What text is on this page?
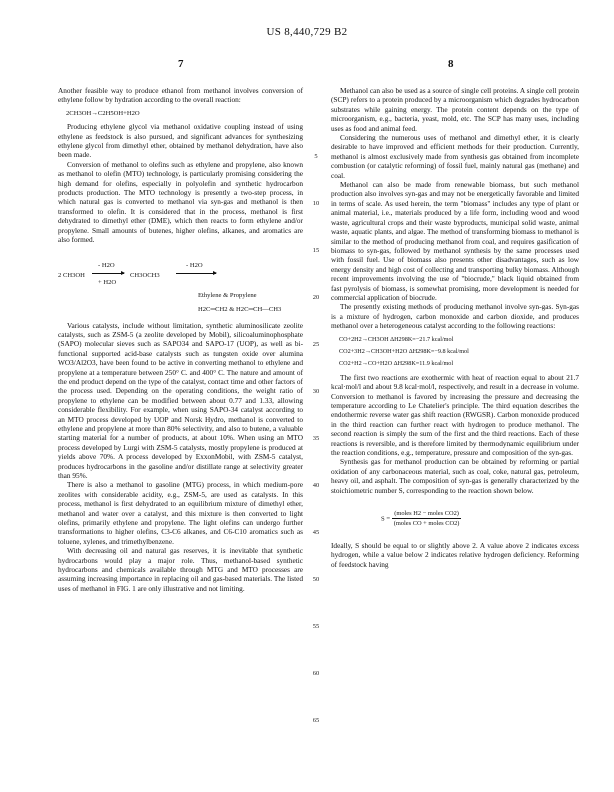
US 8,440,729 B2
7	8

Another feasible way to produce ethanol from methanol involves conversion of ethylene follow by hydration according to the overall reaction:

2CH3OH→C2H5OH+H2O

Producing ethylene glycol via methanol oxidative coupling instead of using ethylene as feedstock is also pursued, and significant advances for synthesizing ethylene glycol from dimethyl ether, obtained by methanol dehydration, have also been made.

Conversion of methanol to olefins such as ethylene and propylene, also known as methanol to olefin (MTO) technology, is particularly promising considering the high demand for olefins, especially in polyolefin and synthetic hydrocarbon products production. The MTO technology is presently a two-step process, in which natural gas is converted to methanol via syn-gas and methanol is then transformed to olefin. It is considered that in the process, methanol is first dehydrated to dimethyl ether (DME), which then reacts to form ethylene and/or propylene. Small amounts of butenes, higher olefins, alkanes, and aromatics are also formed.

2 CH3OH
- H2O
+ H2O
CH3OCH3
- H2O
Ethylene & Propylene
H2C═CH2 & H2C═CH—CH3

Various catalysts, include without limitation, synthetic aluminosilicate zeolite catalysts, such as ZSM-5 (a zeolite developed by Mobil), silicoaluminophosphate (SAPO) molecular sieves such as SAPO34 and SAPO-17 (UOP), as well as bi-functional supported acid-base catalysts such as tungsten oxide over alumina WO3/Al2O3, have been found to be active in converting methanol to ethylene and propylene at a temperature between 250° C. and 400° C. The nature and amount of the end product depend on the type of the catalyst, contact time and other factors of the process used. Depending on the operating conditions, the weight ratio of propylene to ethylene can be modified between about 0.77 and 1.33, allowing considerable flexibility. For example, when using SAPO-34 catalyst according to an MTO process developed by UOP and Norsk Hydro, methanol is converted to ethylene and propylene at more than 80% selectivity, and also to butene, a valuable starting material for a number of products, at about 10%. When using an MTO process developed by Lurgi with ZSM-5 catalysts, mostly propylene is produced at yields above 70%. A process developed by ExxonMobil, with ZSM-5 catalyst, produces hydrocarbons in the gasoline and/or distillate range at selectivity greater than 95%.

There is also a methanol to gasoline (MTG) process, in which medium-pore zeolites with considerable acidity, e.g., ZSM-5, are used as catalysts. In this process, methanol is first dehydrated to an equilibrium mixture of dimethyl ether, methanol and water over a catalyst, and this mixture is then converted to light olefins, primarily ethylene and propylene. The light olefins can undergo further transformations to higher olefins, C3-C6 alkanes, and C6-C10 aromatics such as toluene, xylenes, and trimethylbenzene.

With decreasing oil and natural gas reserves, it is inevitable that synthetic hydrocarbons would play a major role. Thus, methanol-based synthetic hydrocarbons and chemicals available through MTG and MTO processes are assuming increasing importance in replacing oil and gas-based materials. The listed uses of methanol in FIG. 1 are only illustrative and not limiting.

5
10
15
20
25
30
35
40
45
50
55
60
65

Methanol can also be used as a source of single cell proteins. A single cell protein (SCP) refers to a protein produced by a microorganism which degrades hydrocarbon substrates while gaining energy. The protein content depends on the type of microorganism, e.g., bacteria, yeast, mold, etc. The SCP has many uses, including uses as food and animal feed.

Considering the numerous uses of methanol and dimethyl ether, it is clearly desirable to have improved and efficient methods for their production. Currently, methanol is almost exclusively made from synthesis gas obtained from incomplete combustion (or catalytic reforming) of fossil fuel, mainly natural gas (methane) and coal.

Methanol can also be made from renewable biomass, but such methanol production also involves syn-gas and may not be energetically favorable and limited in terms of scale. As used herein, the term "biomass" includes any type of plant or animal material, i.e., materials produced by a life form, including wood and wood waste, agricultural crops and their waste byproducts, municipal solid waste, animal waste, aquatic plants, and algae. The method of transforming biomass to methanol is similar to the method of producing methanol from coal, and requires gasification of biomass to syn-gas, followed by methanol synthesis by the same processes used with fossil fuel. Use of biomass also presents other disadvantages, such as low energy density and high cost of collecting and transporting bulky biomass. Although recent improvements involving the use of "biocrude," black liquid obtained from fast pyrolysis of biomass, is somewhat promising, more development is needed for commercial application of biocrude.

The presently existing methods of producing methanol involve syn-gas. Syn-gas is a mixture of hydrogen, carbon monoxide and carbon dioxide, and produces methanol over a heterogeneous catalyst according to the following reactions:

CO+2H2→CH3OH ΔH298K=−21.7 kcal/mol
CO2+3H2→CH3OH+H2O ΔH298K=−9.8 kcal/mol
CO2+H2→CO+H2O ΔH298K=11.9 kcal/mol

The first two reactions are exothermic with heat of reaction equal to about 21.7 kcal·mol/l and about 9.8 kcal·mol/l, respectively, and result in a decrease in volume. Conversion to methanol is favored by increasing the pressure and decreasing the temperature according to Le Chatelier's principle. The third equation describes the endothermic reverse water gas shift reaction (RWGSR). Carbon monoxide produced in the third reaction can further react with hydrogen to produce methanol. The second reaction is simply the sum of the first and the third reactions. Each of these reactions is reversible, and is therefore limited by thermodynamic equilibrium under the reaction conditions, e.g., temperature, pressure and composition of the syn-gas.

Synthesis gas for methanol production can be obtained by reforming or partial oxidation of any carbonaceous material, such as coal, coke, natural gas, petroleum, heavy oil, and asphalt. The composition of syn-gas is generally characterized by the stoichiometric number S, corresponding to the reaction shown below.

$S = \frac{\text{(moles H2 − moles CO2)}}{\text{(moles CO + moles CO2)}}$

Ideally, S should be equal to or slightly above 2. A value above 2 indicates excess hydrogen, while a value below 2 indicates relative hydrogen deficiency. Reforming of feedstock having
